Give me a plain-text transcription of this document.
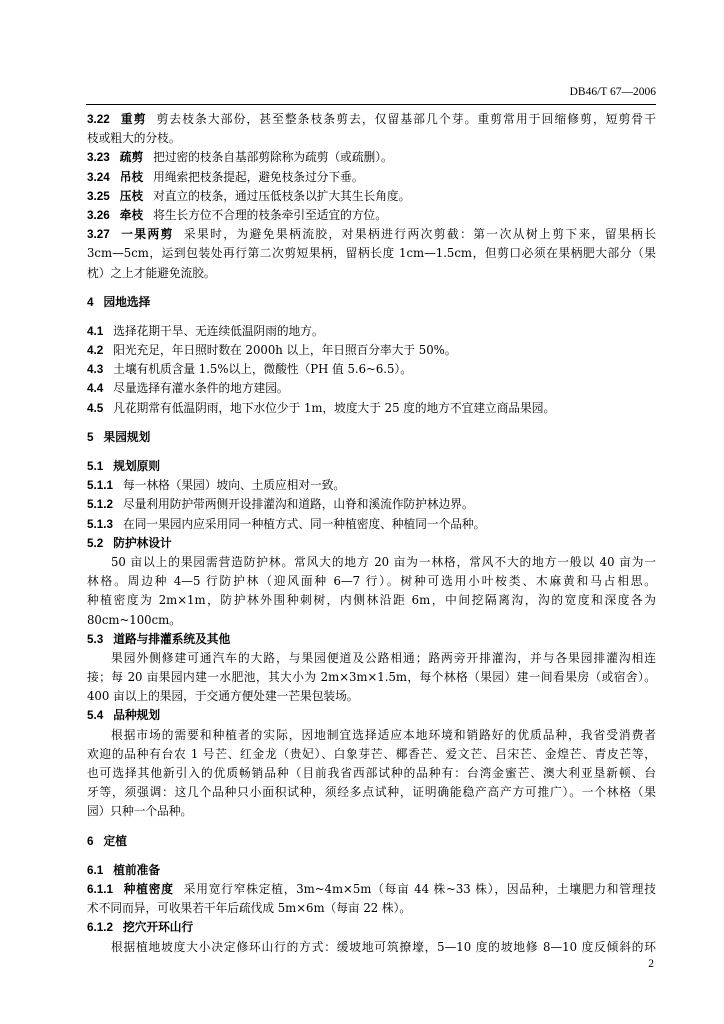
DB46/T 67—2006
3.22 重剪 剪去枝条大部份，甚至整条枝条剪去，仅留基部几个芽。重剪常用于回缩修剪，短剪骨干
枝或粗大的分枝。
3.23 疏剪 把过密的枝条自基部剪除称为疏剪（或疏删）。
3.24 吊枝 用绳索把枝条提起，避免枝条过分下垂。
3.25 压枝 对直立的枝条，通过压低枝条以扩大其生长角度。
3.26 牵枝 将生长方位不合理的枝条牵引至适宜的方位。
3.27 一果两剪 采果时，为避免果柄流胶，对果柄进行两次剪截：第一次从树上剪下来，留果柄长
3cm—5cm，运到包装处再行第二次剪短果柄，留柄长度 1cm—1.5cm，但剪口必须在果柄肥大部分（果
枕）之上才能避免流胶。
4 园地选择
4.1 选择花期干旱、无连续低温阴雨的地方。
4.2 阳光充足，年日照时数在 2000h 以上，年日照百分率大于 50%。
4.3 土壤有机质含量 1.5%以上，微酸性（PH 值 5.6~6.5）。
4.4 尽量选择有灌水条件的地方建园。
4.5 凡花期常有低温阴雨，地下水位少于 1m，坡度大于 25 度的地方不宜建立商品果园。
5 果园规划
5.1 规划原则
5.1.1 每一林格（果园）坡向、土质应相对一致。
5.1.2 尽量利用防护带两侧开设排灌沟和道路，山脊和溪流作防护林边界。
5.1.3 在同一果园内应采用同一种植方式、同一种植密度、种植同一个品种。
5.2 防护林设计
50 亩以上的果园需营造防护林。常风大的地方 20 亩为一林格，常风不大的地方一般以 40 亩为一
林格。周边种 4—5 行防护林（迎风面种 6—7 行）。树种可选用小叶桉类、木麻黄和马占相思。
种植密度为 2m×1m，防护林外围种刺树，内侧林沿距 6m，中间挖隔离沟，沟的宽度和深度各为
80cm~100cm。
5.3 道路与排灌系统及其他
果园外侧修建可通汽车的大路，与果园便道及公路相通；路两旁开排灌沟，并与各果园排灌沟相连
接；每 20 亩果园内建一水肥池，其大小为 2m×3m×1.5m，每个林格（果园）建一间看果房（或宿舍）。
400 亩以上的果园，于交通方便处建一芒果包装场。
5.4 品种规划
根据市场的需要和种植者的实际，因地制宜选择适应本地环境和销路好的优质品种，我省受消费者
欢迎的品种有台农 1 号芒、红金龙（贵妃）、白象芽芒、椰香芒、爱文芒、吕宋芒、金煌芒、青皮芒等，
也可选择其他新引入的优质畅销品种（目前我省西部试种的品种有：台湾金蜜芒、澳大利亚垦新顿、台
牙等，须强调：这几个品种只小面积试种，须经多点试种，证明确能稳产高产方可推广）。一个林格（果
园）只种一个品种。
6 定植
6.1 植前准备
6.1.1 种植密度 采用宽行窄株定植，3m~4m×5m（每亩 44 株~33 株），因品种，土壤肥力和管理技
术不同而异，可收果若干年后疏伐成 5m×6m（每亩 22 株）。
6.1.2 挖穴开环山行
根据植地坡度大小决定修环山行的方式：缓坡地可筑撩壕，5—10 度的坡地修 8—10 度反倾斜的环
2
